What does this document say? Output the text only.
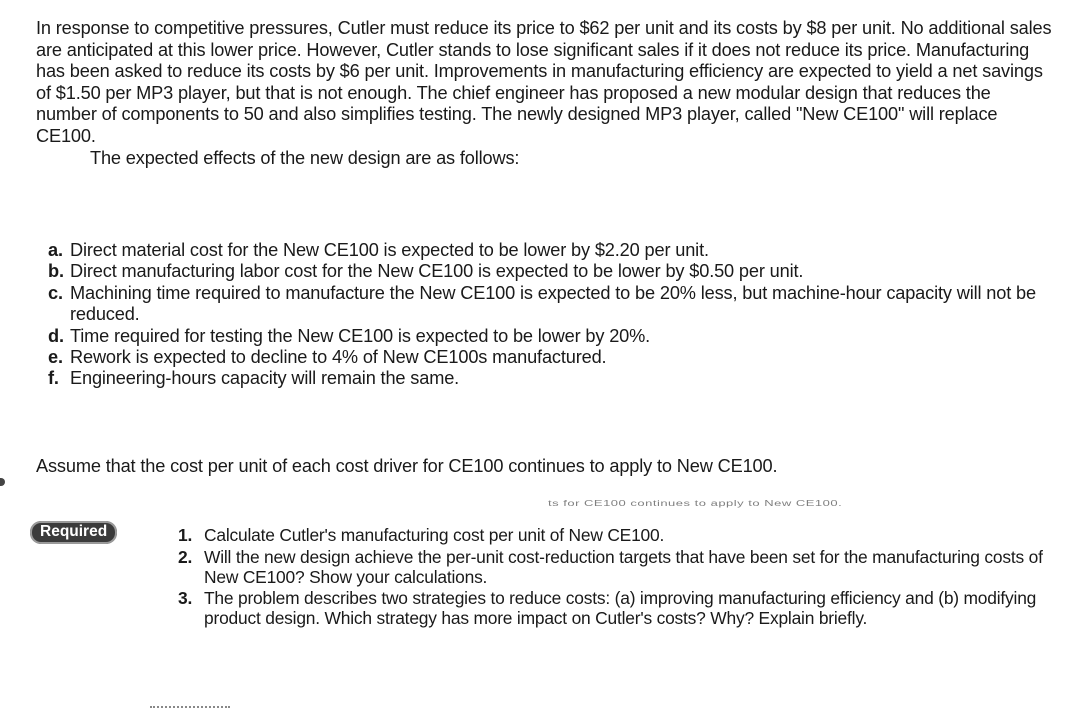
In response to competitive pressures, Cutler must reduce its price to $62 per unit and its costs by $8 per unit. No additional sales are anticipated at this lower price. However, Cutler stands to lose significant sales if it does not reduce its price. Manufacturing has been asked to reduce its costs by $6 per unit. Improvements in manufacturing efficiency are expected to yield a net savings of $1.50 per MP3 player, but that is not enough. The chief engineer has proposed a new modular design that reduces the number of components to 50 and also simplifies testing. The newly designed MP3 player, called "New CE100" will replace CE100.

The expected effects of the new design are as follows:

a. Direct material cost for the New CE100 is expected to be lower by $2.20 per unit.
b. Direct manufacturing labor cost for the New CE100 is expected to be lower by $0.50 per unit.
c. Machining time required to manufacture the New CE100 is expected to be 20% less, but machine-hour capacity will not be reduced.
d. Time required for testing the New CE100 is expected to be lower by 20%.
e. Rework is expected to decline to 4% of New CE100s manufactured.
f. Engineering-hours capacity will remain the same.
Assume that the cost per unit of each cost driver for CE100 continues to apply to New CE100.
ts for CE100 continues to apply to New CE100.
Required	1. Calculate Cutler's manufacturing cost per unit of New CE100.
2. Will the new design achieve the per-unit cost-reduction targets that have been set for the manufacturing costs of New CE100? Show your calculations.
3. The problem describes two strategies to reduce costs: (a) improving manufacturing efficiency and (b) modifying product design. Which strategy has more impact on Cutler's costs? Why? Explain briefly.
